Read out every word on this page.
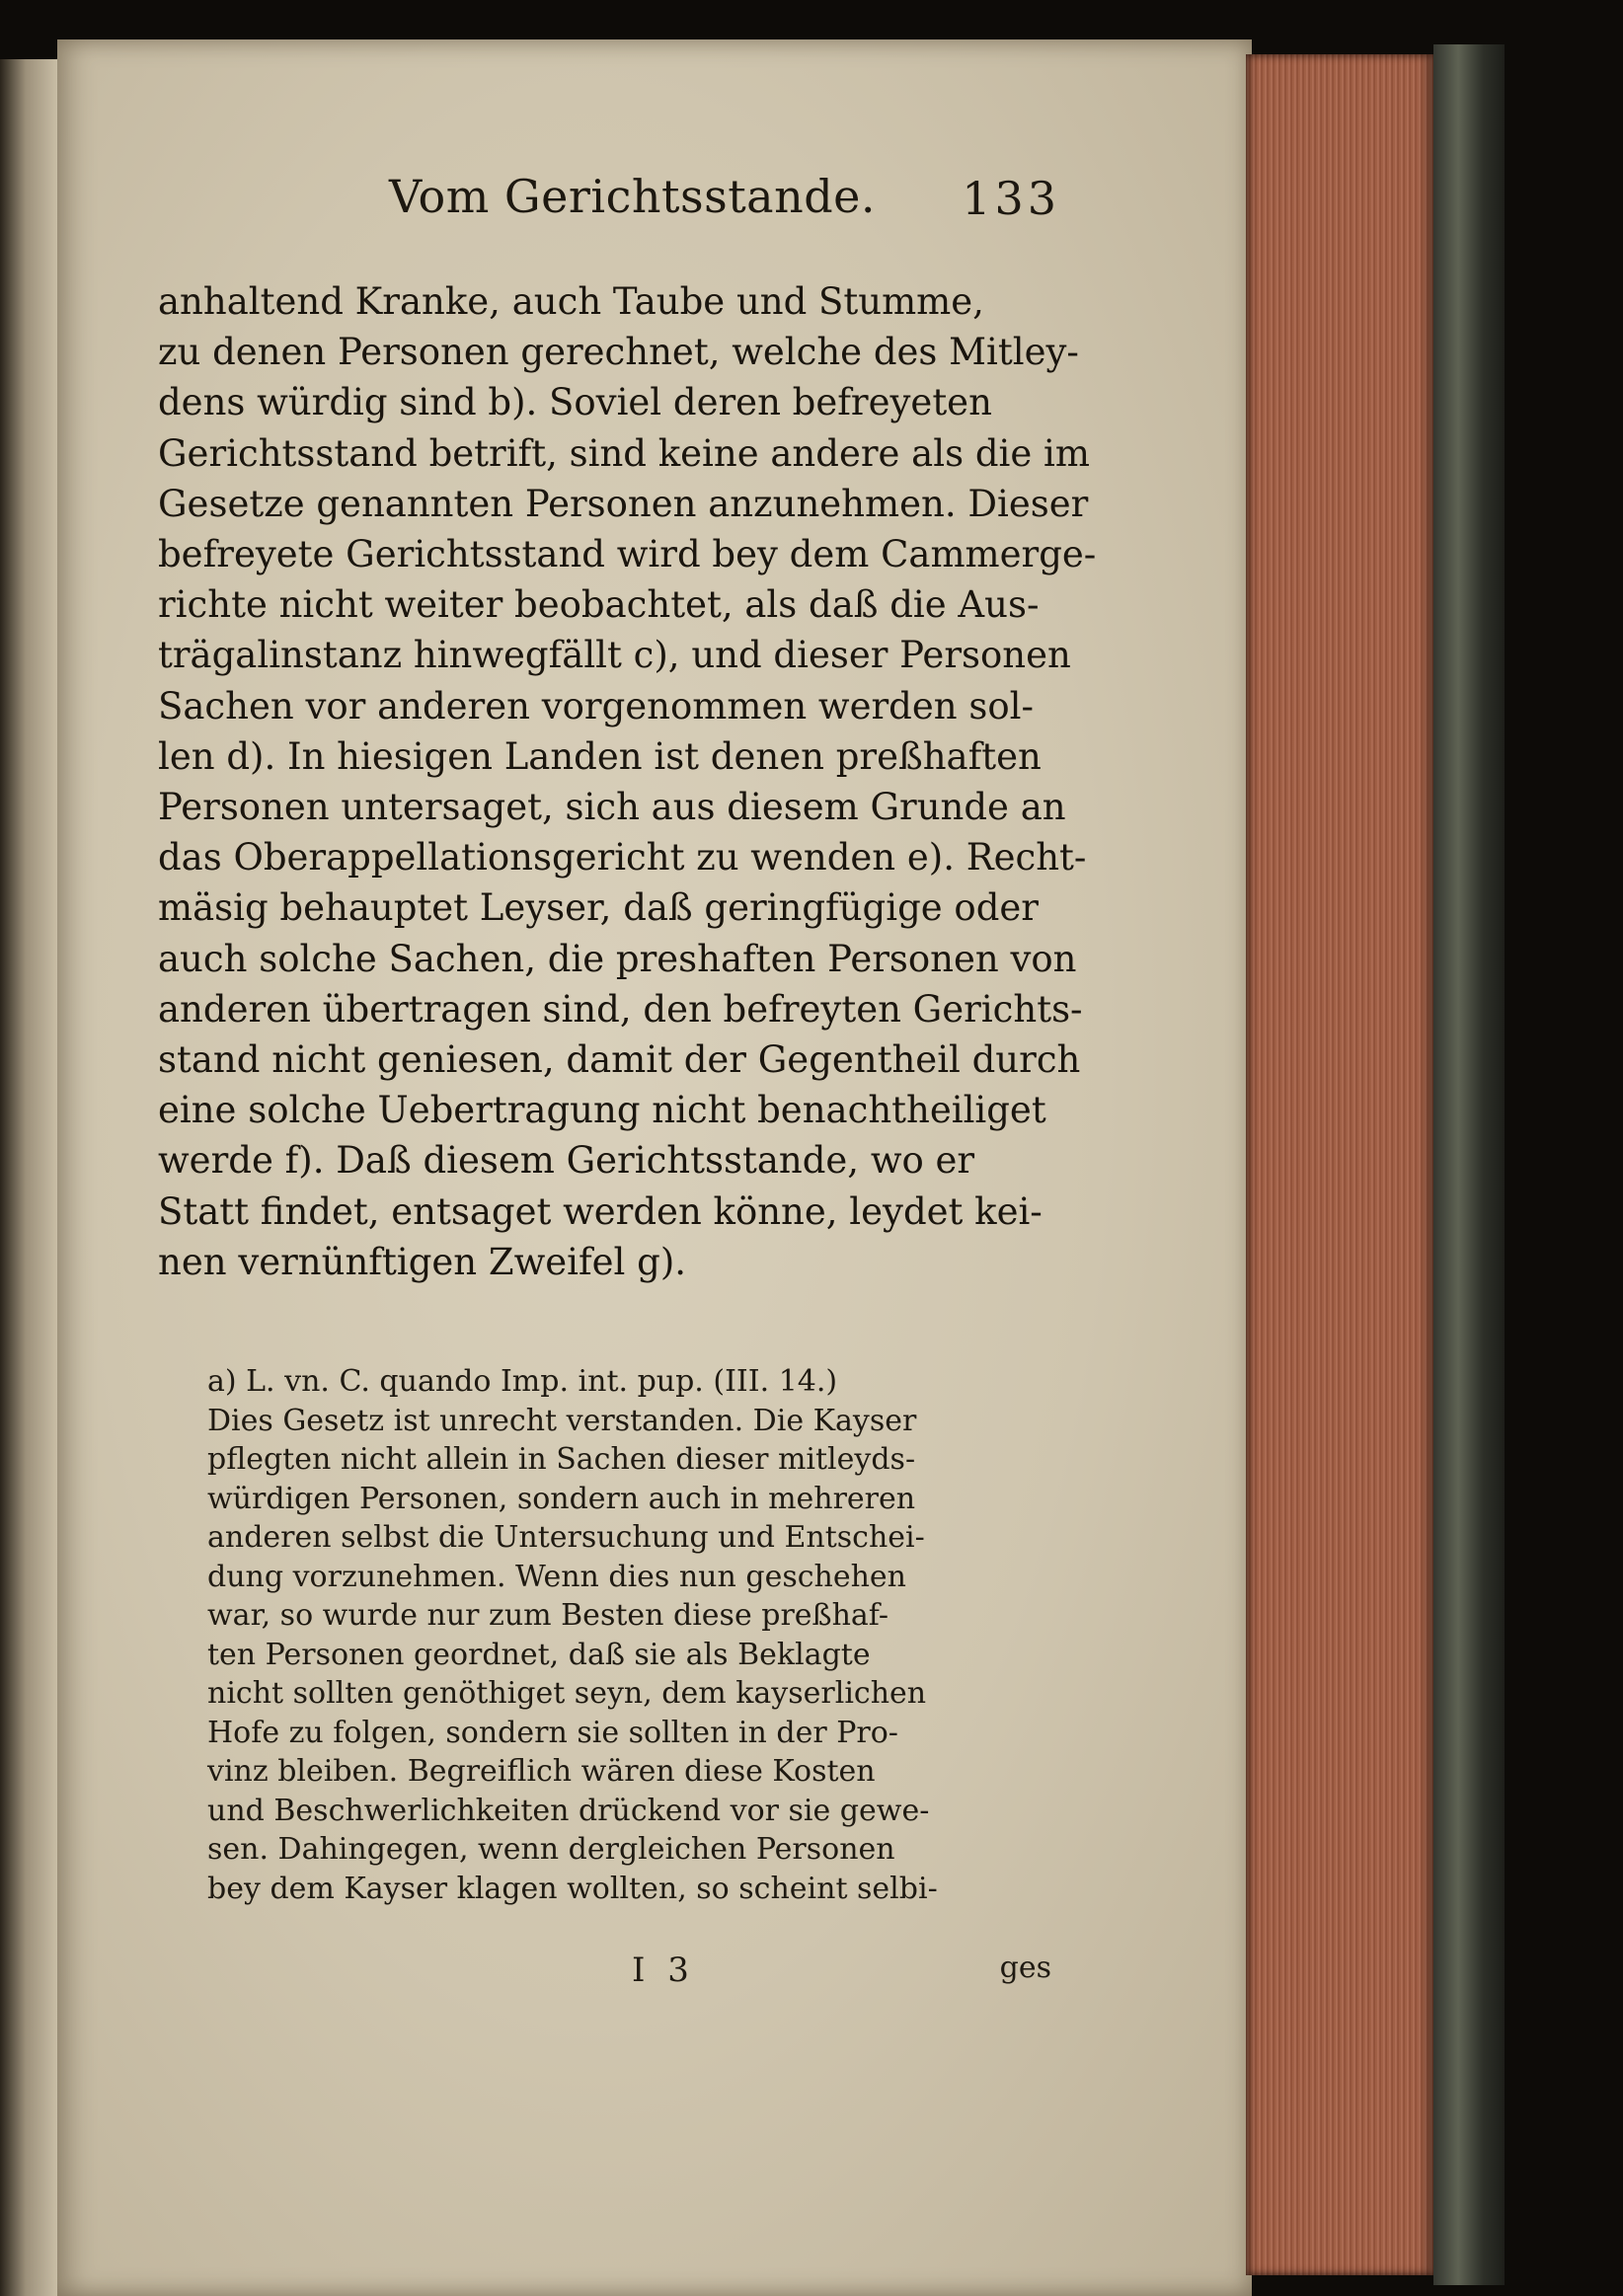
Vom Gerichtsstande. 133
anhaltend Kranke, auch Taube und Stumme,
zu denen Personen gerechnet, welche des Mitley-
dens würdig sind b). Soviel deren befreyeten
Gerichtsstand betrift, sind keine andere als die im
Gesetze genannten Personen anzunehmen. Dieser
befreyete Gerichtsstand wird bey dem Cammerge-
richte nicht weiter beobachtet, als daß die Aus-
trägalinstanz hinwegfällt c), und dieser Personen
Sachen vor anderen vorgenommen werden sol-
len d). In hiesigen Landen ist denen preßhaften
Personen untersaget, sich aus diesem Grunde an
das Oberappellationsgericht zu wenden e). Recht-
mäsig behauptet Leyser, daß geringfügige oder
auch solche Sachen, die preshaften Personen von
anderen übertragen sind, den befreyten Gerichts-
stand nicht geniesen, damit der Gegentheil durch
eine solche Uebertragung nicht benachtheiliget
werde f). Daß diesem Gerichtsstande, wo er
Statt findet, entsaget werden könne, leydet kei-
nen vernünftigen Zweifel g).
a) L. vn. C. quando Imp. int. pup. (III. 14.)
Dies Gesetz ist unrecht verstanden. Die Kayser
pflegten nicht allein in Sachen dieser mitleyds-
würdigen Personen, sondern auch in mehreren
anderen selbst die Untersuchung und Entschei-
dung vorzunehmen. Wenn dies nun geschehen
war, so wurde nur zum Besten diese preßhaf-
ten Personen geordnet, daß sie als Beklagte
nicht sollten genöthiget seyn, dem kayserlichen
Hofe zu folgen, sondern sie sollten in der Pro-
vinz bleiben. Begreiflich wären diese Kosten
und Beschwerlichkeiten drückend vor sie gewe-
sen. Dahingegen, wenn dergleichen Personen
bey dem Kayser klagen wollten, so scheint selbi-
I 3	ges
